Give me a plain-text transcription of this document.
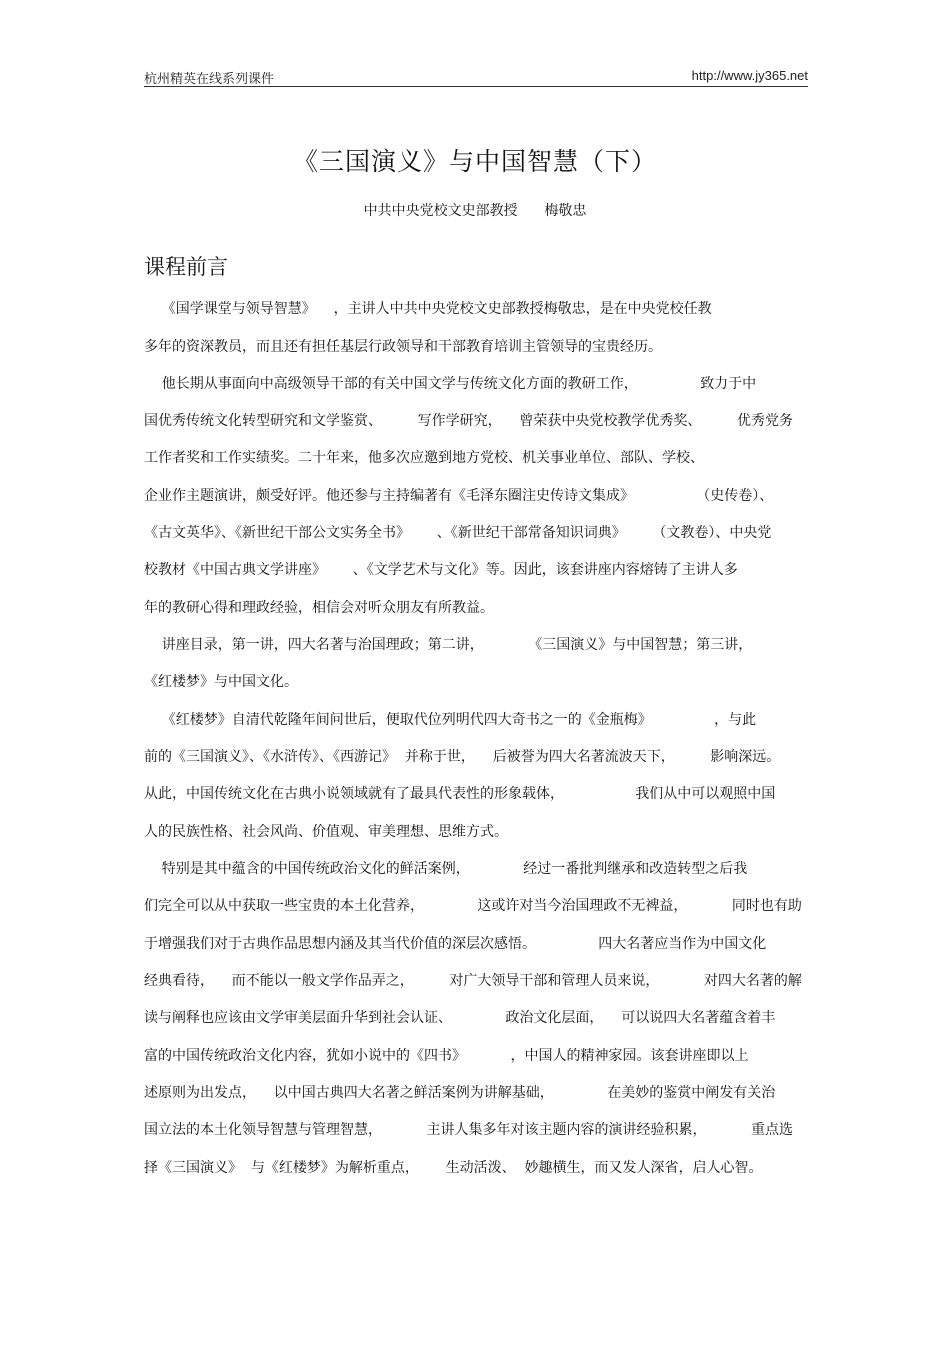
杭州精英在线系列课件	http://www.jy365.net
《三国演义》与中国智慧（下）
中共中央党校文史部教授      梅敬忠
课程前言
《国学课堂与领导智慧》    ，主讲人中共中央党校文史部教授梅敬忠，是在中央党校任教
多年的资深教员，而且还有担任基层行政领导和干部教育培训主管领导的宝贵经历。
他长期从事面向中高级领导干部的有关中国文学与传统文化方面的教研工作，              致力于中
国优秀传统文化转型研究和文学鉴赏、        写作学研究，    曾荣获中央党校教学优秀奖、        优秀党务
工作者奖和工作实绩奖。二十年来，他多次应邀到地方党校、机关事业单位、部队、学校、
企业作主题演讲，颇受好评。他还参与主持编著有《毛泽东圈注史传诗文集成》              （史传卷）、
《古文英华》、《新世纪干部公文实务全书》      、《新世纪干部常备知识词典》      （文教卷）、中央党
校教材《中国古典文学讲座》      、《文学艺术与文化》等。因此，该套讲座内容熔铸了主讲人多
年的教研心得和理政经验，相信会对听众朋友有所教益。
讲座目录，第一讲，四大名著与治国理政；第二讲，          《三国演义》与中国智慧；第三讲，
《红楼梦》与中国文化。
《红楼梦》自清代乾隆年间问世后，便取代位列明代四大奇书之一的《金瓶梅》              ，与此
前的《三国演义》、《水浒传》、《西游记》  并称于世，    后被誉为四大名著流波天下，        影响深远。
从此，中国传统文化在古典小说领域就有了最具代表性的形象载体，                我们从中可以观照中国
人的民族性格、社会风尚、价值观、审美理想、思维方式。
特别是其中蕴含的中国传统政治文化的鲜活案例，            经过一番批判继承和改造转型之后我
们完全可以从中获取一些宝贵的本土化营养，            这或许对当今治国理政不无裨益，          同时也有助
于增强我们对于古典作品思想内涵及其当代价值的深层次感悟。              四大名著应当作为中国文化
经典看待，    而不能以一般文学作品弄之，        对广大领导干部和管理人员来说，          对四大名著的解
读与阐释也应该由文学审美层面升华到社会认证、            政治文化层面，    可以说四大名著蕴含着丰
富的中国传统政治文化内容，犹如小说中的《四书》          ，中国人的精神家园。该套讲座即以上
述原则为出发点，    以中国古典四大名著之鲜活案例为讲解基础，            在美妙的鉴赏中阐发有关治
国立法的本土化领导智慧与管理智慧，          主讲人集多年对该主题内容的演讲经验积累，          重点选
择《三国演义》  与《红楼梦》为解析重点，      生动活泼、  妙趣横生，而又发人深省，启人心智。
